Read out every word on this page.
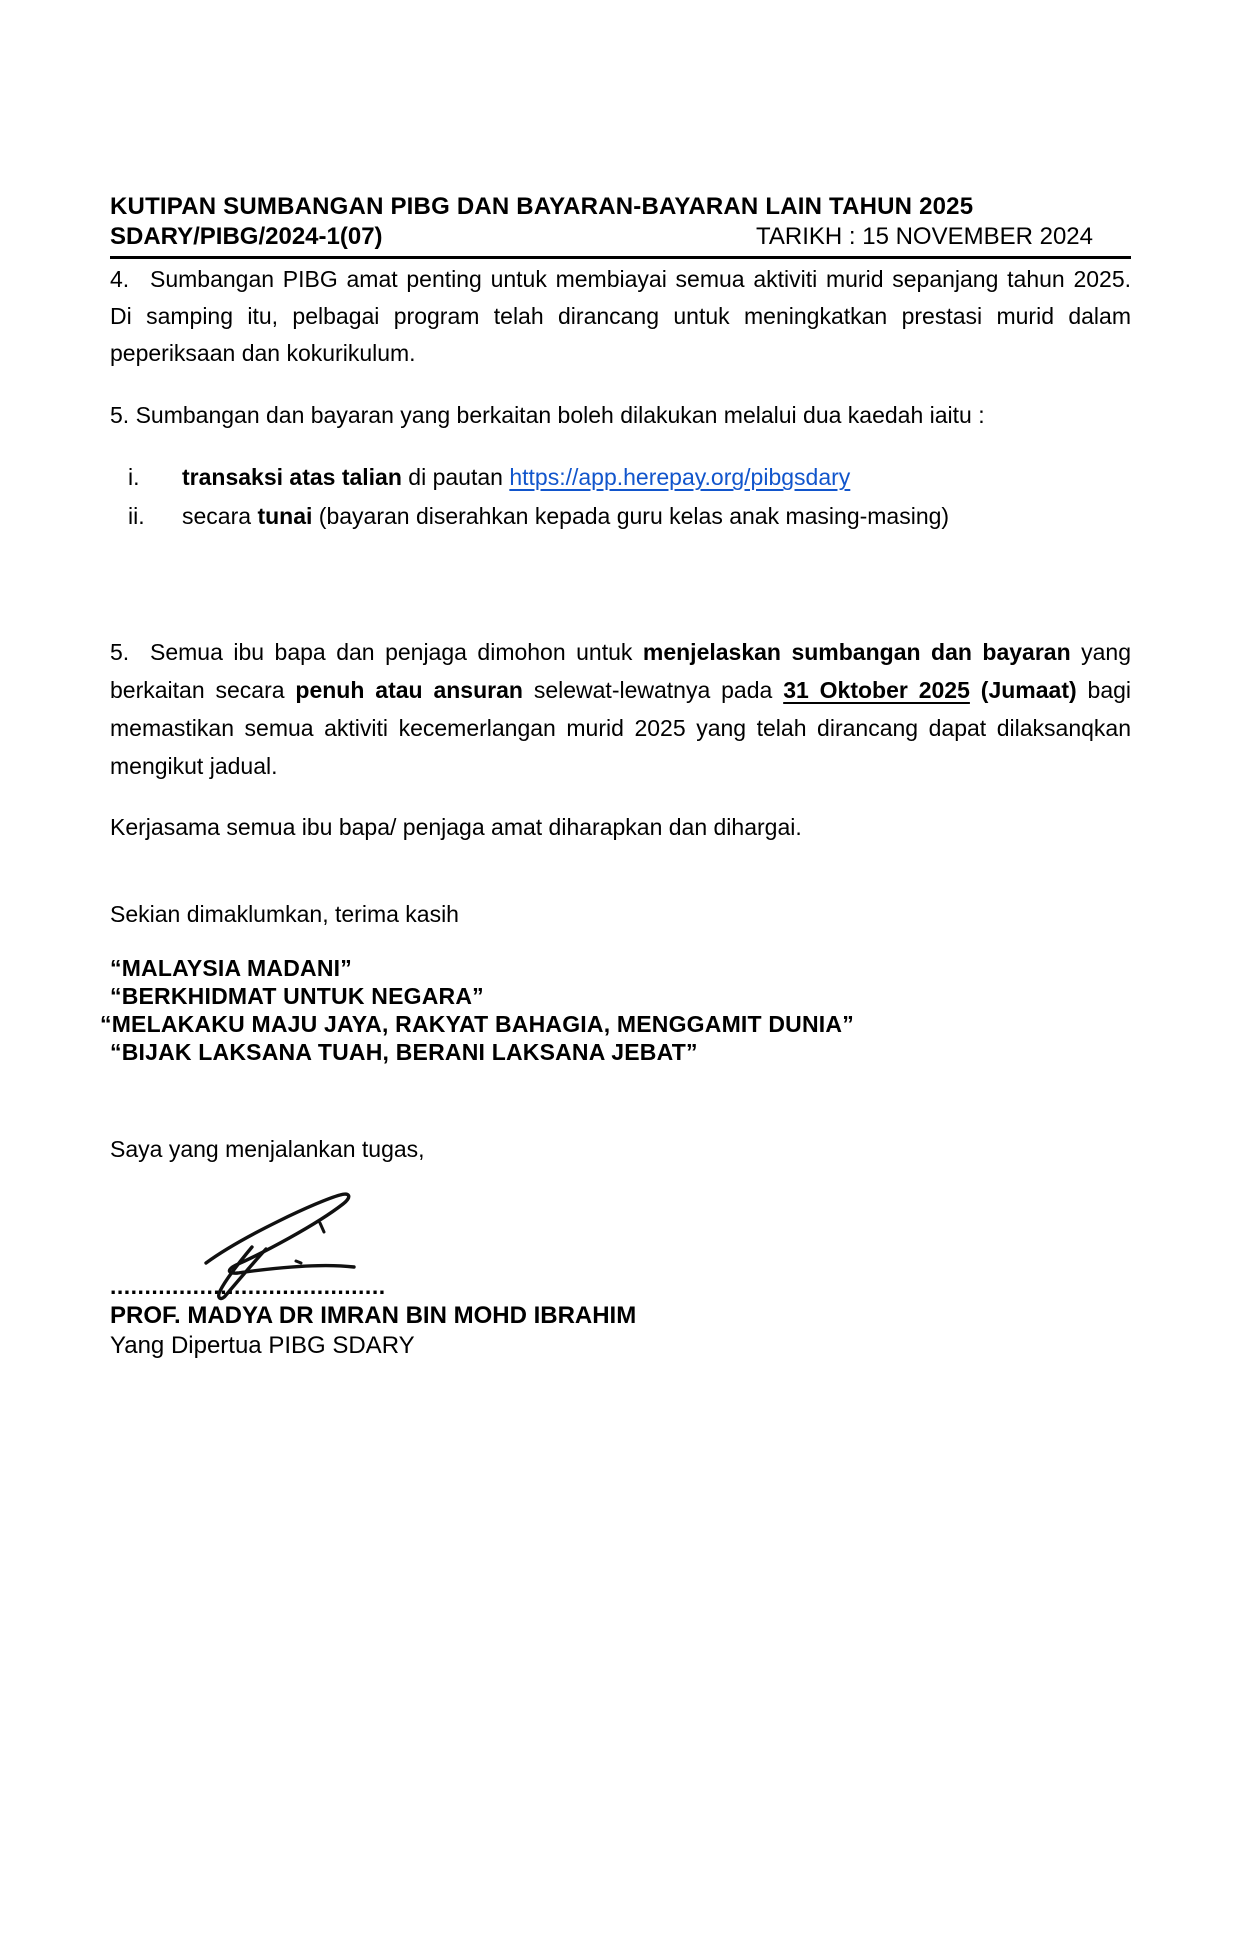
KUTIPAN SUMBANGAN PIBG DAN BAYARAN-BAYARAN LAIN TAHUN 2025
SDARY/PIBG/2024-1(07)	TARIKH : 15 NOVEMBER 2024

4. Sumbangan PIBG amat penting untuk membiayai semua aktiviti murid sepanjang tahun 2025. Di samping itu, pelbagai program telah dirancang untuk meningkatkan prestasi murid dalam peperiksaan dan kokurikulum.

5. Sumbangan dan bayaran yang berkaitan boleh dilakukan melalui dua kaedah iaitu :

i.	transaksi atas talian di pautan https://app.herepay.org/pibgsdary
ii.	secara tunai (bayaran diserahkan kepada guru kelas anak masing-masing)

5. Semua ibu bapa dan penjaga dimohon untuk menjelaskan sumbangan dan bayaran yang berkaitan secara penuh atau ansuran selewat-lewatnya pada 31 Oktober 2025 (Jumaat) bagi memastikan semua aktiviti kecemerlangan murid 2025 yang telah dirancang dapat dilaksanqkan mengikut jadual.

Kerjasama semua ibu bapa/ penjaga amat diharapkan dan dihargai.

Sekian dimaklumkan, terima kasih

“MALAYSIA MADANI”
“BERKHIDMAT UNTUK NEGARA”
“MELAKAKU MAJU JAYA, RAKYAT BAHAGIA, MENGGAMIT DUNIA”
“BIJAK LAKSANA TUAH, BERANI LAKSANA JEBAT”

Saya yang menjalankan tugas,

........................................
PROF. MADYA DR IMRAN BIN MOHD IBRAHIM
Yang Dipertua PIBG SDARY
